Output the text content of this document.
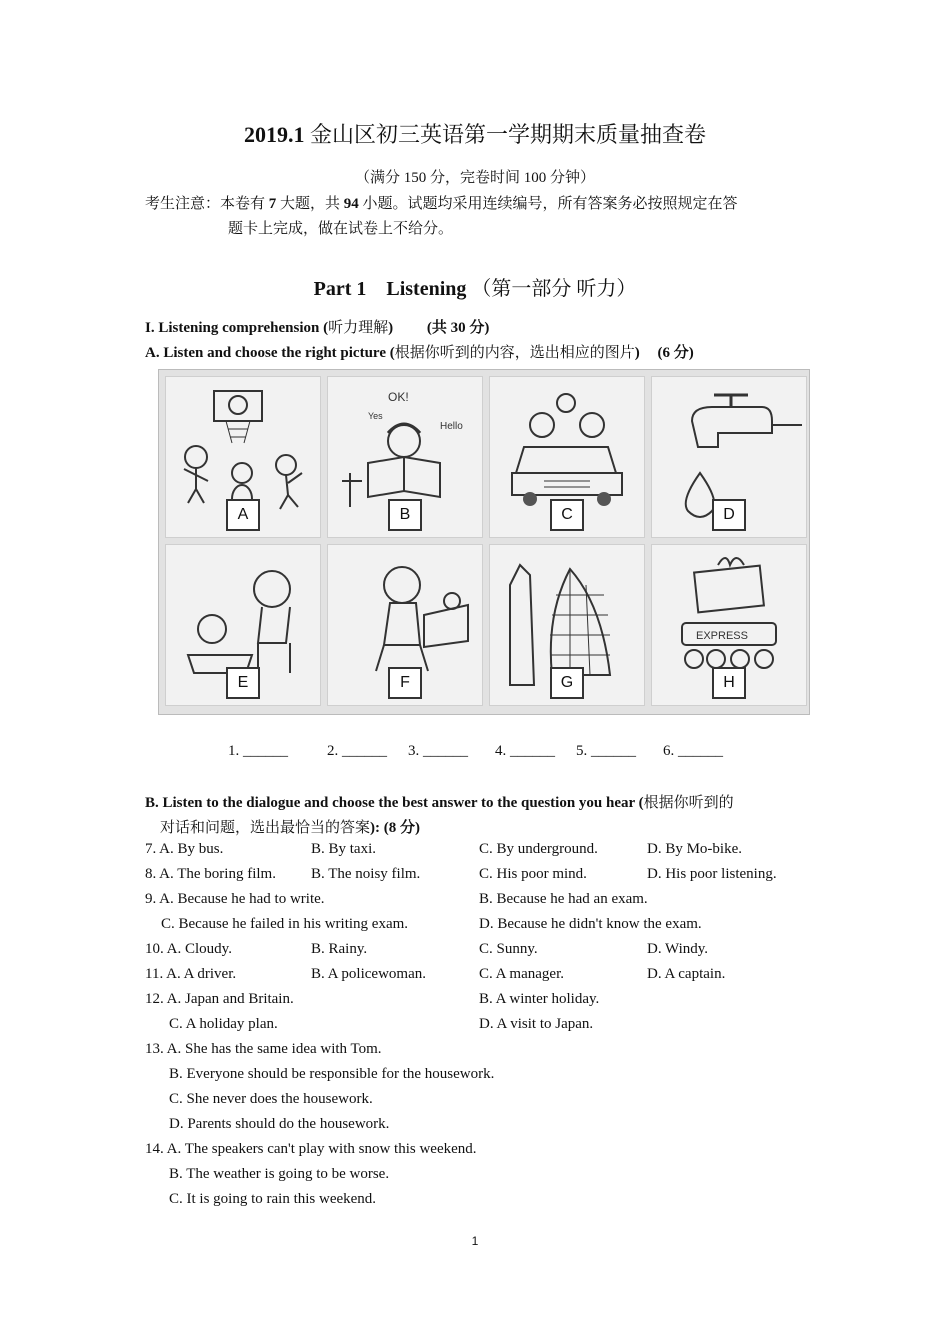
2019.1 金山区初三英语第一学期期末质量抽查卷
（满分 150 分，完卷时间 100 分钟）
考生注意：本卷有 7 大题，共 94 小题。试题均采用连续编号，所有答案务必按照规定在答
题卡上完成，做在试卷上不给分。
Part 1    Listening （第一部分 听力）
I. Listening comprehension (听力理解) (共 30 分)
A. Listen and choose the right picture (根据你听到的内容，选出相应的图片) (6 分)
A
OK!
Yes
Hello
B	C	D
E	F	G
EXPRESS
H
1. ______	2. ______ 3. ______ 4. ______ 5. ______ 6. ______
B. Listen to the dialogue and choose the best answer to the question you hear (根据你听到的
对话和问题，选出最恰当的答案): (8 分)
7. A. By bus.	B. By taxi.	C. By underground.	D. By Mo-bike.
8. A. The boring film. B. The noisy film.	C. His poor mind.	D. His poor listening.
9. A. Because he had to write.	B. Because he had an exam.
C. Because he failed in his writing exam.	D. Because he didn't know the exam.
10. A. Cloudy.	B. Rainy.	C. Sunny.	D. Windy.
11. A. A driver.	B. A policewoman.	C. A manager.	D. A captain.
12. A. Japan and Britain.	B. A winter holiday.
C. A holiday plan.	D. A visit to Japan.
13. A. She has the same idea with Tom.
B. Everyone should be responsible for the housework.
C. She never does the housework.
D. Parents should do the housework.
14. A. The speakers can't play with snow this weekend.
B. The weather is going to be worse.
C. It is going to rain this weekend.
1
